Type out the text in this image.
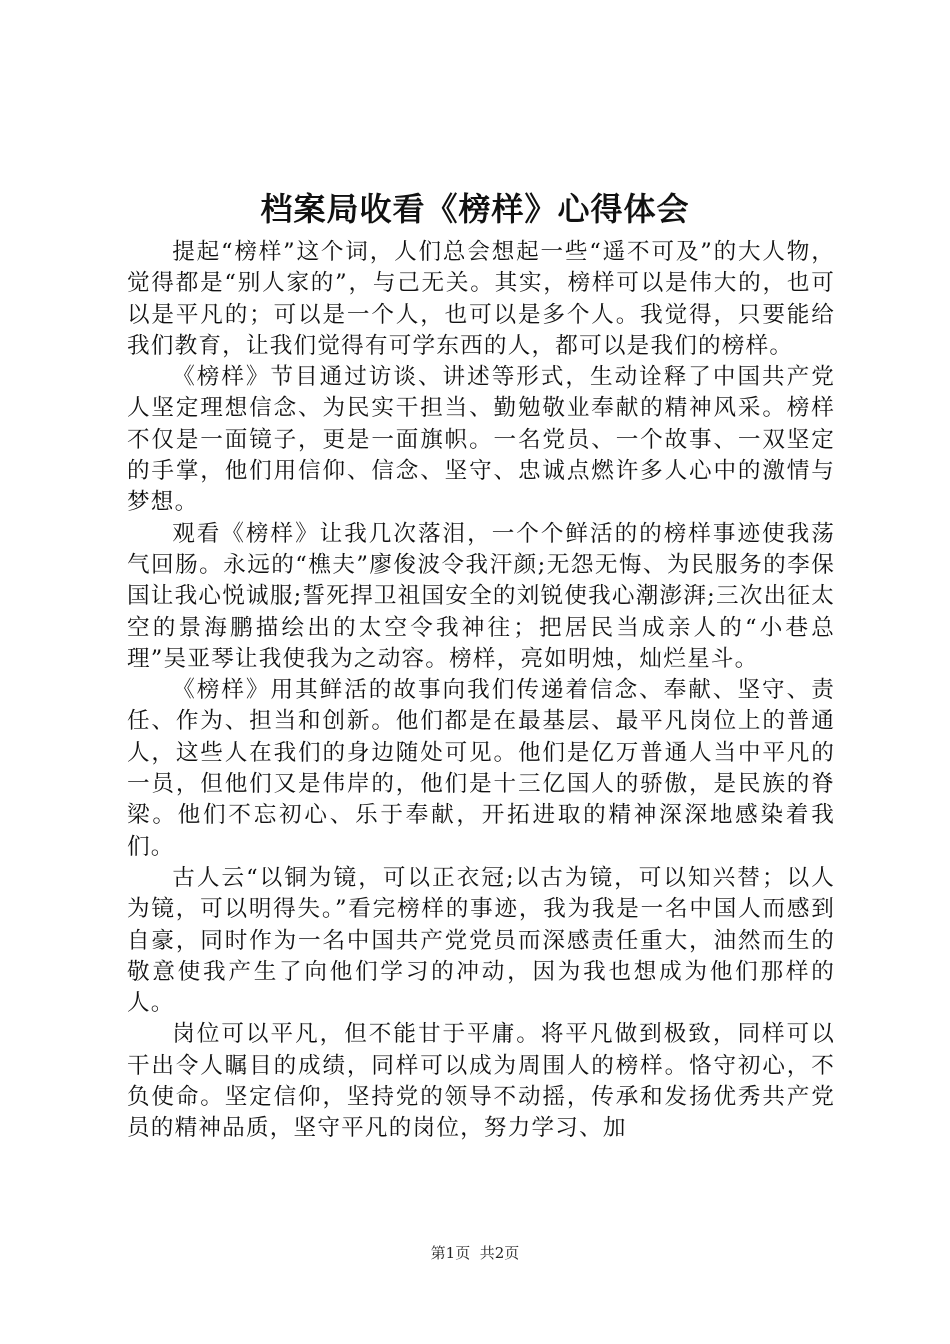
档案局收看《榜样》心得体会

提起“榜样”这个词，人们总会想起一些“遥不可及”的大人物，觉得都是“别人家的”，与己无关。其实，榜样可以是伟大的，也可以是平凡的；可以是一个人，也可以是多个人。我觉得，只要能给我们教育，让我们觉得有可学东西的人，都可以是我们的榜样。

《榜样》节目通过访谈、讲述等形式，生动诠释了中国共产党人坚定理想信念、为民实干担当、勤勉敬业奉献的精神风采。榜样不仅是一面镜子，更是一面旗帜。一名党员、一个故事、一双坚定的手掌，他们用信仰、信念、坚守、忠诚点燃许多人心中的激情与梦想。

观看《榜样》让我几次落泪，一个个鲜活的的榜样事迹使我荡气回肠。永远的“樵夫”廖俊波令我汗颜;无怨无悔、为民服务的李保国让我心悦诚服;誓死捍卫祖国安全的刘锐使我心潮澎湃;三次出征太空的景海鹏描绘出的太空令我神往；把居民当成亲人的“小巷总理”吴亚琴让我使我为之动容。榜样，亮如明烛，灿烂星斗。

《榜样》用其鲜活的故事向我们传递着信念、奉献、坚守、责任、作为、担当和创新。他们都是在最基层、最平凡岗位上的普通人，这些人在我们的身边随处可见。他们是亿万普通人当中平凡的一员，但他们又是伟岸的，他们是十三亿国人的骄傲，是民族的脊梁。他们不忘初心、乐于奉献，开拓进取的精神深深地感染着我们。

古人云“以铜为镜，可以正衣冠;以古为镜，可以知兴替；以人为镜，可以明得失。”看完榜样的事迹，我为我是一名中国人而感到自豪，同时作为一名中国共产党党员而深感责任重大，油然而生的敬意使我产生了向他们学习的冲动，因为我也想成为他们那样的人。

岗位可以平凡，但不能甘于平庸。将平凡做到极致，同样可以干出令人瞩目的成绩，同样可以成为周围人的榜样。恪守初心，不负使命。坚定信仰，坚持党的领导不动摇，传承和发扬优秀共产党员的精神品质，坚守平凡的岗位，努力学习、加

第1页 共2页
